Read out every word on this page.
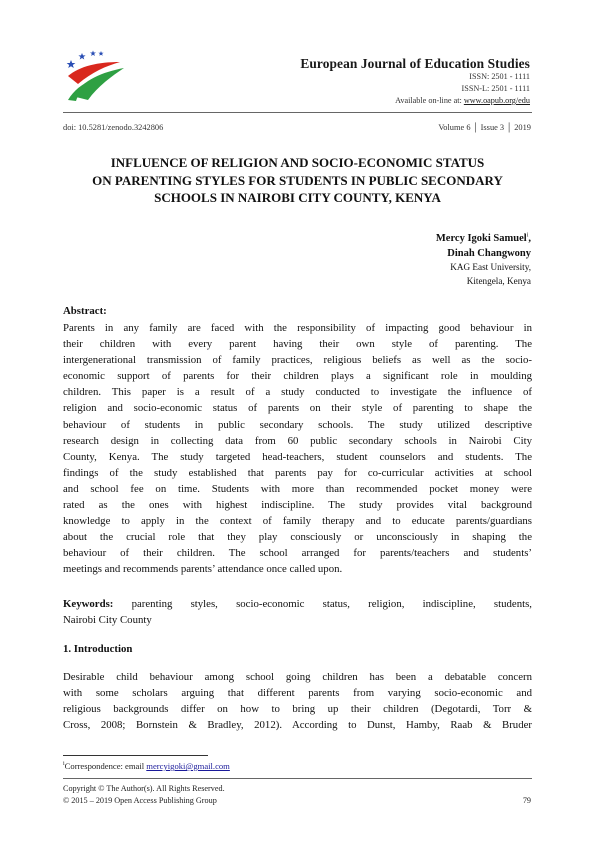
European Journal of Education Studies
ISSN: 2501 - 1111
ISSN-L: 2501 - 1111
Available on-line at: www.oapub.org/edu
doi: 10.5281/zenodo.3242806	Volume 6 │ Issue 3 │ 2019
INFLUENCE OF RELIGION AND SOCIO-ECONOMIC STATUS
ON PARENTING STYLES FOR STUDENTS IN PUBLIC SECONDARY
SCHOOLS IN NAIROBI CITY COUNTY, KENYA
Mercy Igoki Samuel$^i$,
Dinah Changwony
KAG East University,
Kitengela, Kenya
Abstract:
Parents in any family are faced with the responsibility of impacting good behaviour in
their children with every parent having their own style of parenting. The
intergenerational transmission of family practices, religious beliefs as well as the socio-
economic support of parents for their children plays a significant role in moulding
children. This paper is a result of a study conducted to investigate the influence of
religion and socio-economic status of parents on their style of parenting to shape the
behaviour of students in public secondary schools. The study utilized descriptive
research design in collecting data from 60 public secondary schools in Nairobi City
County, Kenya. The study targeted head-teachers, student counselors and students. The
findings of the study established that parents pay for co-curricular activities at school
and school fee on time. Students with more than recommended pocket money were
rated as the ones with highest indiscipline. The study provides vital background
knowledge to apply in the context of family therapy and to educate parents/guardians
about the crucial role that they play consciously or unconsciously in shaping the
behaviour of their children. The school arranged for parents/teachers and students’
meetings and recommends parents’ attendance once called upon.
Keywords: parenting styles, socio-economic status, religion, indiscipline, students,
Nairobi City County
1. Introduction
Desirable child behaviour among school going children has been a debatable concern
with some scholars arguing that different parents from varying socio-economic and
religious backgrounds differ on how to bring up their children (Degotardi, Torr &
Cross, 2008; Bornstein & Bradley, 2012). According to Dunst, Hamby, Raab & Bruder
$^i$Correspondence: email mercyigoki@gmail.com
Copyright © The Author(s). All Rights Reserved.
© 2015 – 2019 Open Access Publishing Group	79
